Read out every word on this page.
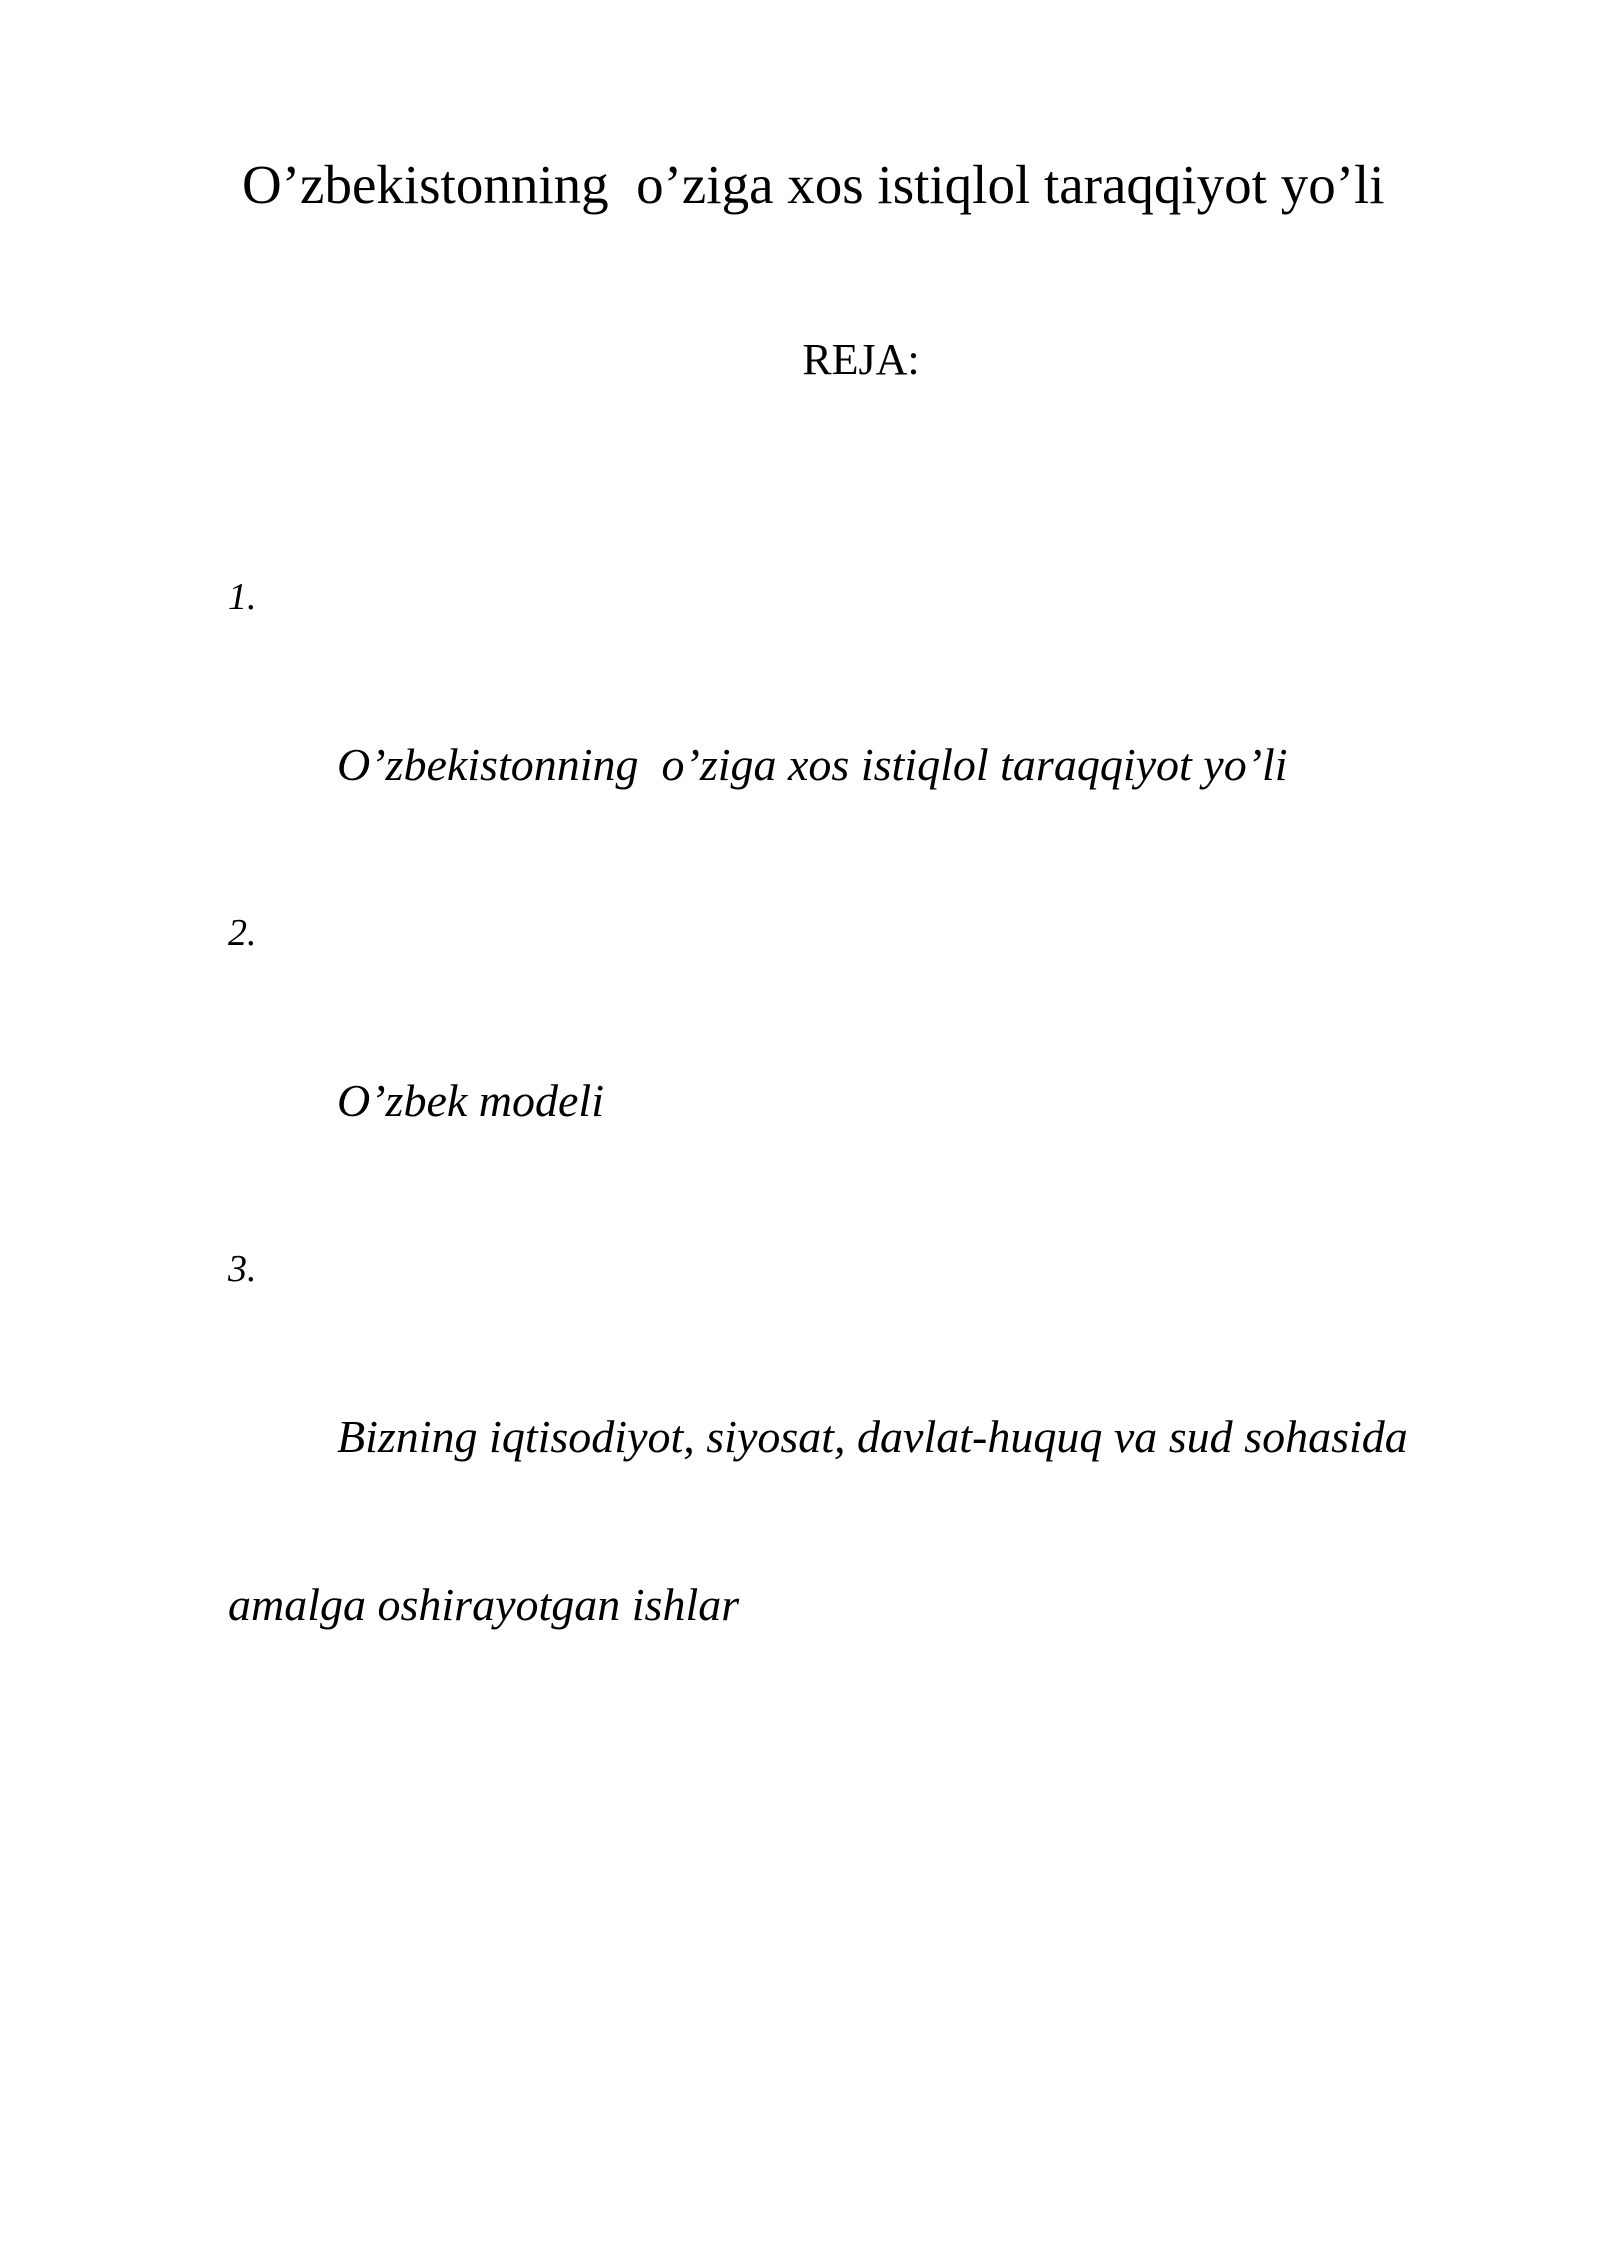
O’zbekistonning  o’ziga xos istiqlol taraqqiyot yo’li
REJA:

1.

O’zbekistonning  o’ziga xos istiqlol taraqqiyot yo’li

2.

O’zbek modeli

3.

Bizning iqtisodiyot, siyosat, davlat-huquq va sud sohasida

amalga oshirayotgan ishlar
